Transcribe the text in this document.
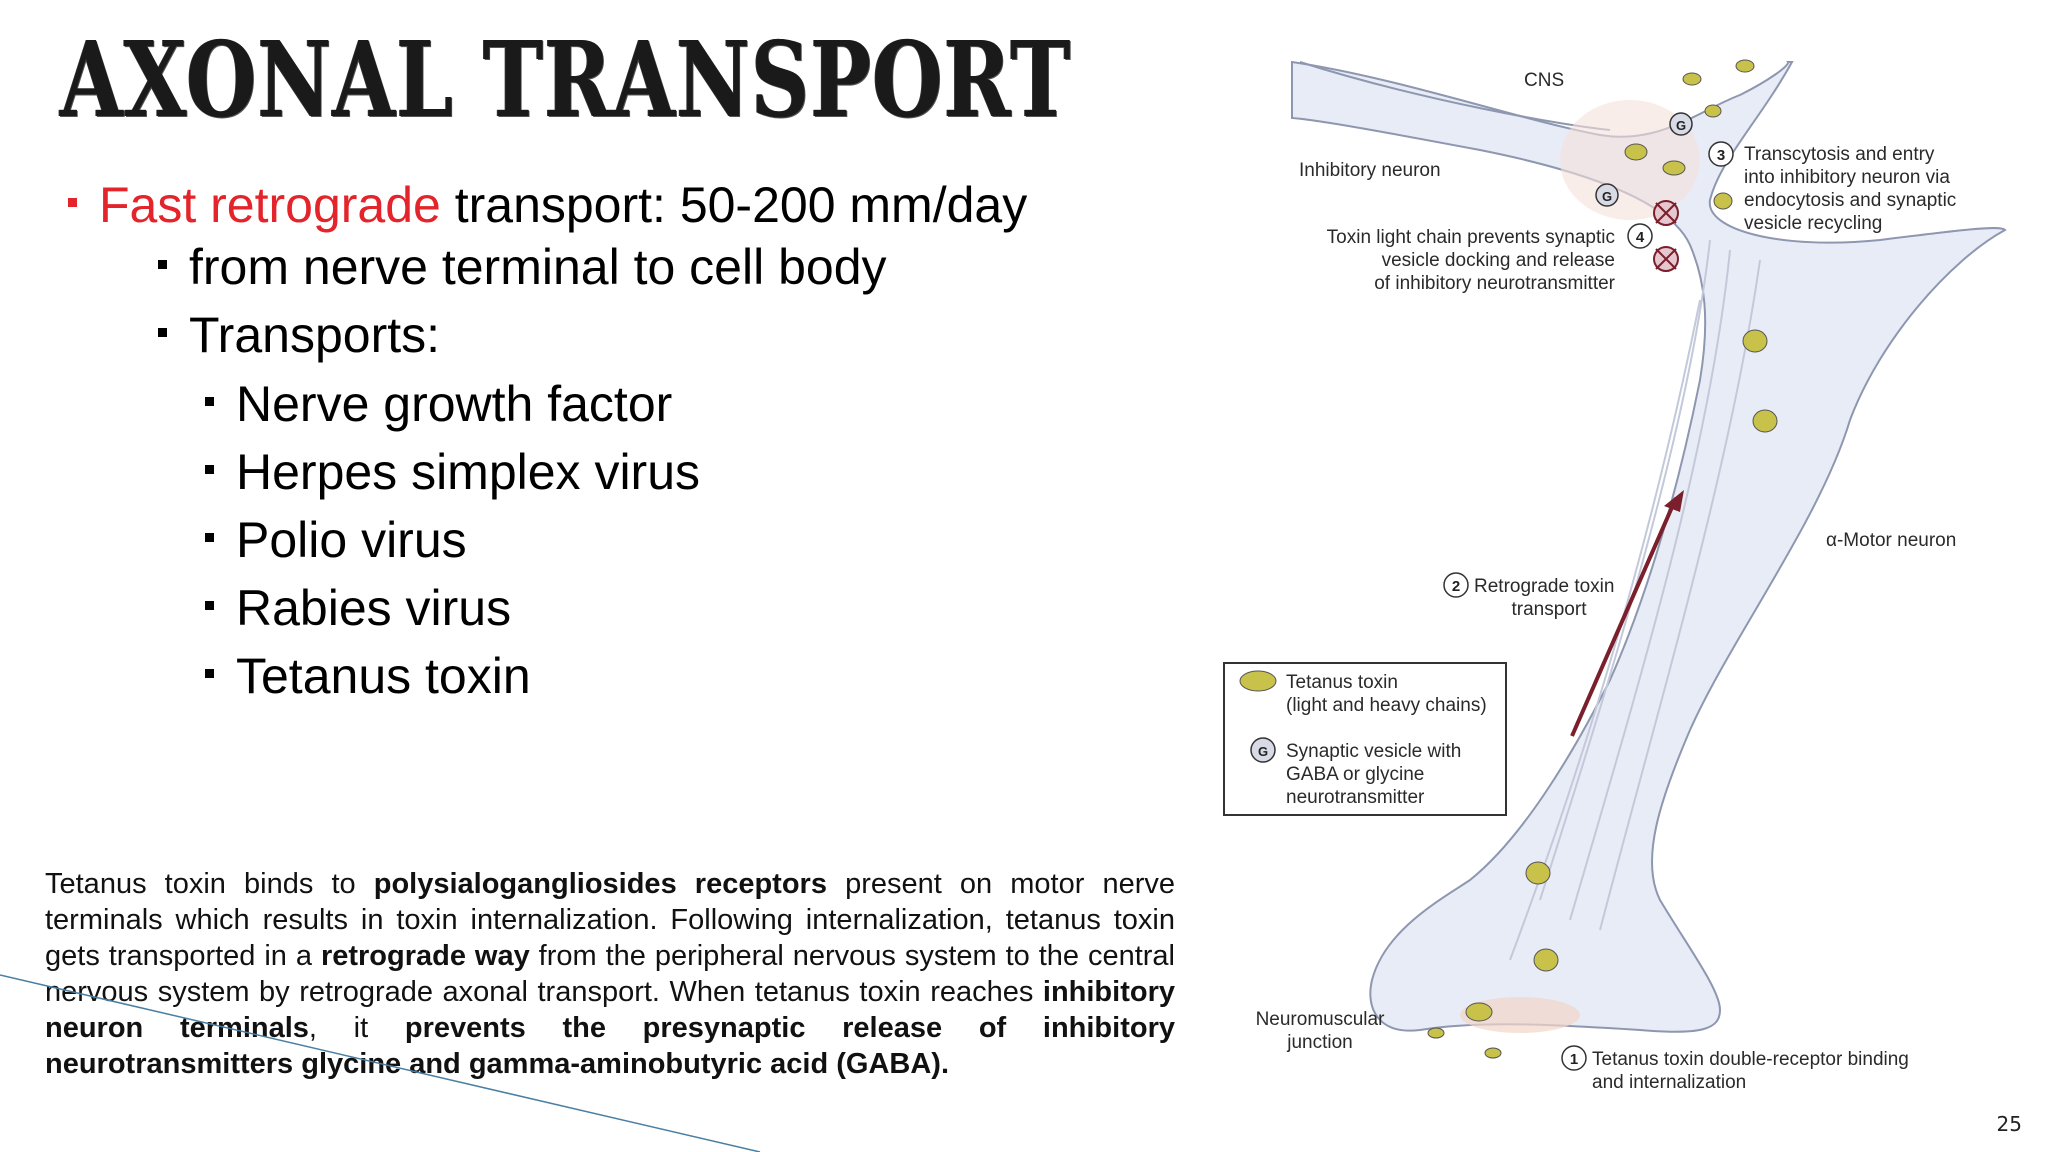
AXONAL TRANSPORT
Fast retrograde transport: 50-200 mm/day
from nerve terminal to cell body
Transports:
Nerve growth factor
Herpes simplex virus
Polio virus
Rabies virus
Tetanus toxin
Tetanus toxin binds to polysialogangliosides receptors present on motor nerve terminals which results in toxin internalization. Following internalization, tetanus toxin gets transported in a retrograde way from the peripheral nervous system to the central nervous system by retrograde axonal transport. When tetanus toxin reaches inhibitory neuron terminals, it prevents the presynaptic release of inhibitory neurotransmitters glycine and gamma-aminobutyric acid (GABA).
G
G
CNS
Inhibitory neuron
3 Transcytosis and entry
into inhibitory neuron via
endocytosis and synaptic
vesicle recycling
4
Toxin light chain prevents synaptic
vesicle docking and release
of inhibitory neurotransmitter
α-Motor neuron
2 Retrograde toxin
transport
Tetanus toxin
(light and heavy chains)
G Synaptic vesicle with
GABA or glycine
neurotransmitter
Neuromuscular
junction
1 Tetanus toxin double-receptor binding
and internalization
25
